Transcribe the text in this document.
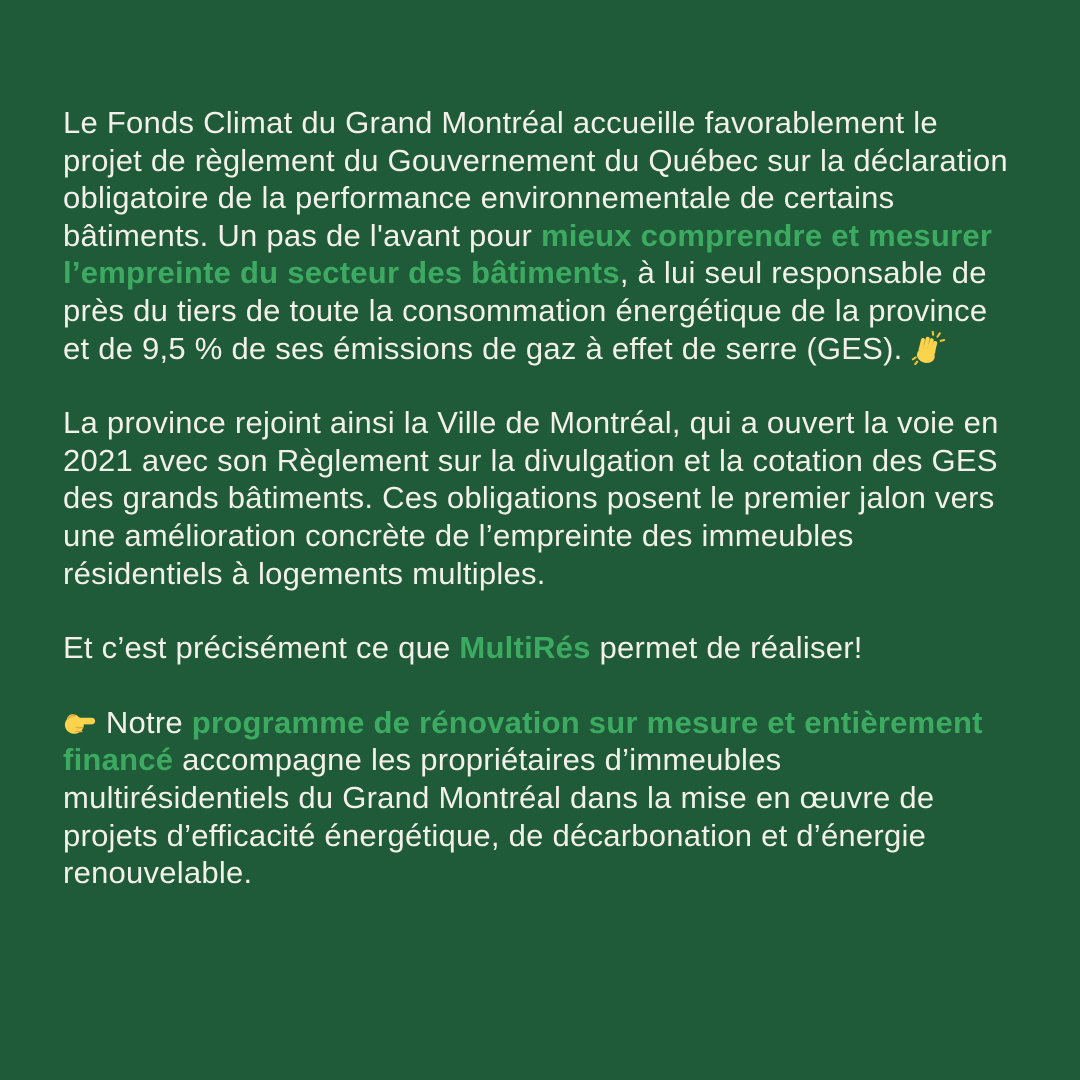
Le Fonds Climat du Grand Montréal accueille favorablement le projet de règlement du Gouvernement du Québec sur la déclaration obligatoire de la performance environnementale de certains bâtiments. Un pas de l'avant pour mieux comprendre et mesurer l’empreinte du secteur des bâtiments, à lui seul responsable de près du tiers de toute la consommation énergétique de la province et de 9,5 % de ses émissions de gaz à effet de serre (GES).

La province rejoint ainsi la Ville de Montréal, qui a ouvert la voie en 2021 avec son Règlement sur la divulgation et la cotation des GES des grands bâtiments. Ces obligations posent le premier jalon vers une amélioration concrète de l’empreinte des immeubles résidentiels à logements multiples.

Et c’est précisément ce que MultiRés permet de réaliser!

Notre programme de rénovation sur mesure et entièrement financé accompagne les propriétaires d’immeubles multirésidentiels du Grand Montréal dans la mise en œuvre de projets d’efficacité énergétique, de décarbonation et d’énergie renouvelable.
